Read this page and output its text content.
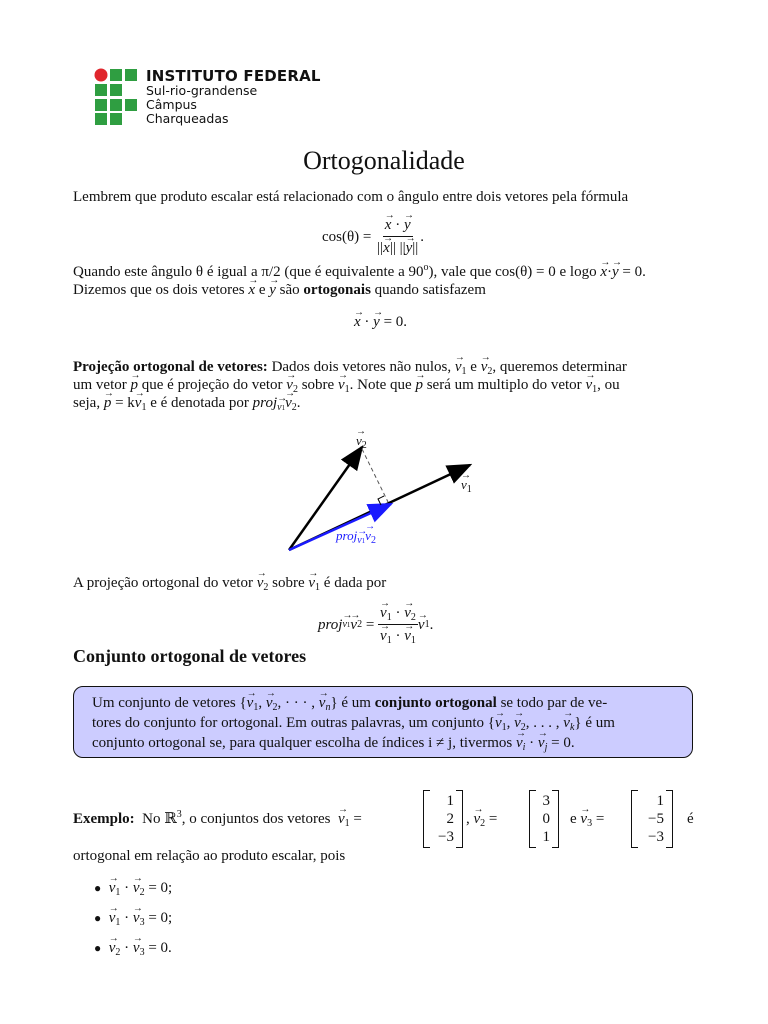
INSTITUTO FEDERAL
Sul-rio-grandense
Câmpus
Charqueadas
Ortogonalidade
Lembrem que produto escalar está relacionado com o ângulo entre dois vetores pela fórmula
cos(θ) =

→ $\frac{x \cdot \to y}{||\to x|| ||\to y||}$ .
Quando este ângulo θ é igual a π/2 (que é equivalente a 90$^o$), vale que cos(θ) = 0 e logo → x·→ y = 0.
Dizemos que os dois vetores → x e → y são ortogonais quando satisfazem
→ x · → y = 0.
Projeção ortogonal de vetores: Dados dois vetores não nulos, → $v_1$ $e \to v_2$, queremos determinar
um vetor → p que é projeção do vetor → $v_2$ sobre → $v_1$. Note que → p será um multiplo do vetor → $v_1$, ou
seja, → $p = k\to v_1$ e é denotada por proj$_{v1}$→ $v_2$.
→ $v_2$
→ $v_1$
proj$_{v1}$→ $v_2$
A projeção ortogonal do vetor → $v_2$ sobre → $v_1$ é dada por
proj v1
→ v 2 =
→ $v_1$ · → $v_2$
→ $v_1$ · → $v_1$
→ v 1 .
Conjunto ortogonal de vetores
Um conjunto de vetores {→ $v_1$, → $v_2$, · · · , → $v_n$} é um conjunto ortogonal se todo par de ve-
tores do conjunto for ortogonal. Em outras palavras, um conjunto {→ $v_1$, → $v_2$, . . . , → $v_k$} é um
conjunto ortogonal se, para qualquer escolha de índices i ≠ j, tivermos → $v_i$ · → $v_j = 0$.
Exemplo: No ℝ$^3$, o conjuntos dos vetores  → $v_1$ =
1
2
−3
, → $v_2$ =
3
0
1
$e \to v_3$ =
1
−5
−3
é
ortogonal em relação ao produto escalar, pois
●  → $v_1$ · → $v_2 = 0$;
●  → $v_1$ · → $v_3 = 0$;
●  → $v_2$ · → $v_3 = 0$.
